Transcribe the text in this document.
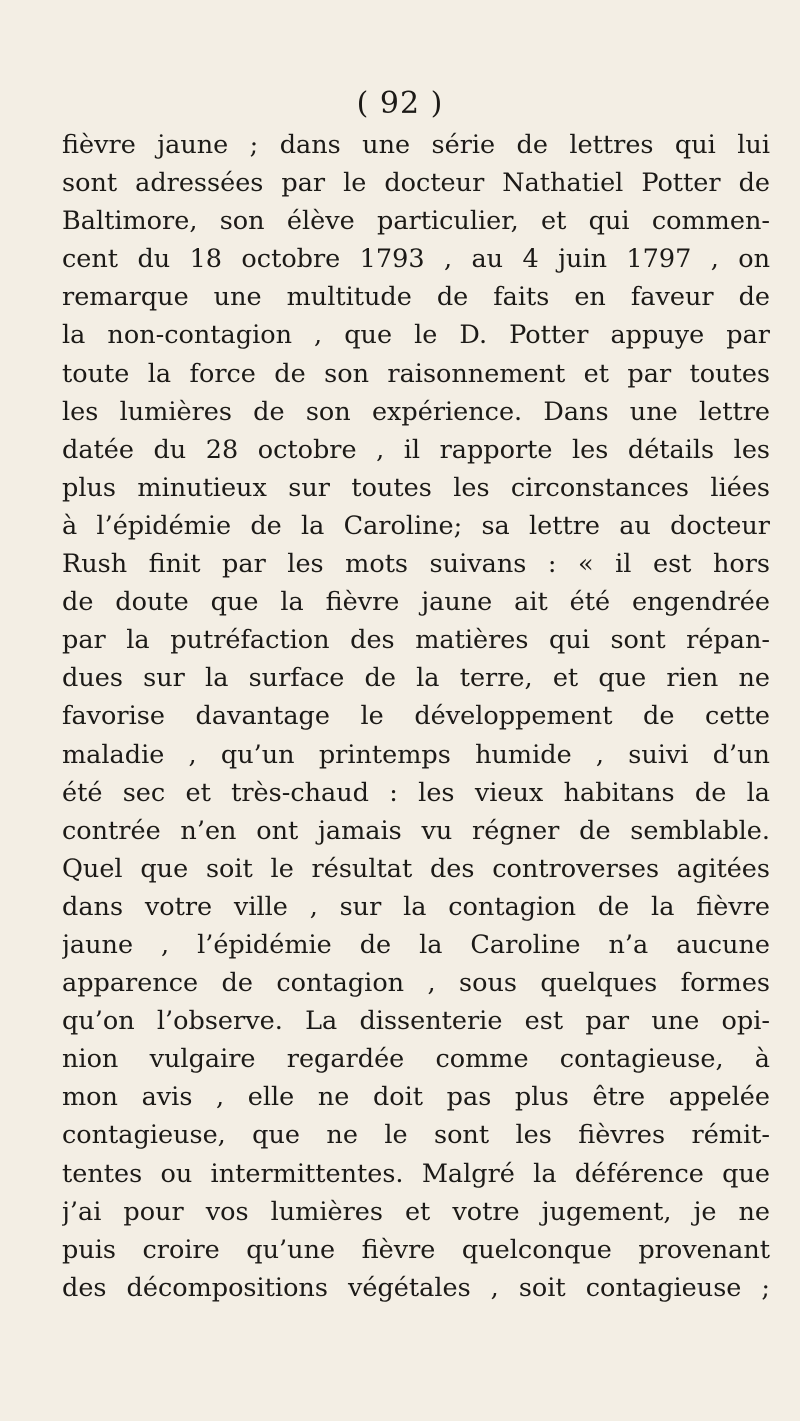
( 92 )
fièvre jaune ; dans une série de lettres qui lui
sont adressées par le docteur Nathatiel Potter de
Baltimore, son élève particulier, et qui commen-
cent du 18 octobre 1793 , au 4 juin 1797 , on
remarque une multitude de faits en faveur de
la non-contagion , que le D. Potter appuye par
toute la force de son raisonnement et par toutes
les lumières de son expérience. Dans une lettre
datée du 28 octobre , il rapporte les détails les
plus minutieux sur toutes les circonstances liées
à l’épidémie de la Caroline; sa lettre au docteur
Rush finit par les mots suivans : « il est hors
de doute que la fièvre jaune ait été engendrée
par la putréfaction des matières qui sont répan-
dues sur la surface de la terre, et que rien ne
favorise davantage le développement de cette
maladie , qu’un printemps humide , suivi d’un
été sec et très-chaud : les vieux habitans de la
contrée n’en ont jamais vu régner de semblable.
Quel que soit le résultat des controverses agitées
dans votre ville , sur la contagion de la fièvre
jaune , l’épidémie de la Caroline n’a aucune
apparence de contagion , sous quelques formes
qu’on l’observe. La dissenterie est par une opi-
nion vulgaire regardée comme contagieuse, à
mon avis , elle ne doit pas plus être appelée
contagieuse, que ne le sont les fièvres rémit-
tentes ou intermittentes. Malgré la déférence que
j’ai pour vos lumières et votre jugement, je ne
puis croire qu’une fièvre quelconque provenant
des décompositions végétales , soit contagieuse ;
